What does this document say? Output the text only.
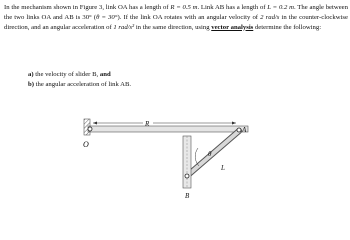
In the mechanism shown in Figure 3, link OA has a length of R = 0.5 m. Link AB has a length of L = 0.2 m. The angle between the two links OA and AB is 30° (θ = 30°). If the link OA rotates with an angular velocity of 2 rad/s in the counter-clockwise direction, and an angular acceleration of 1 rad/s² in the same direction, using vector analysis determine the following:

a) the velocity of slider B, and
b) the angular acceleration of link AB.
O
R
A
θ
L
B
